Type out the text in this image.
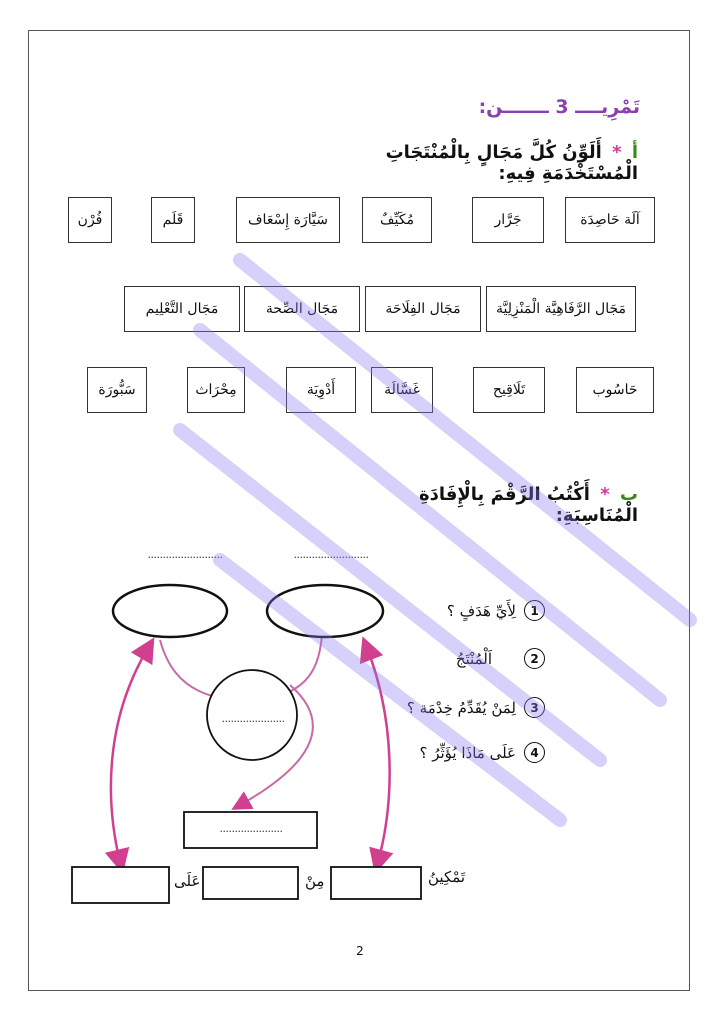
تَمْرِيــــ 3 ـــــــن:
أ * أَلَوِّنُ كُلَّ مَجَالٍ بِالْمُنْتَجَاتِ الْمُسْتَخْدَمَةِ فِيهِ:
آلَة حَاصِدَة
جَرَّار
مُكَيِّفٌ
سَيَّارَة إِسْعَاف
قَلَم
فُرْن
مَجَال الرَّفَاهِيَّة الْمَنْزِلِيَّة
مَجَال الفِلَاحَة
مَجَال الصِّحة
مَجَال التَّعْلِيم
حَاسُوب
تَلَاقِيح
غَسَّالَة
أَدْوِيَة
مِحْرَاث
سَبُّورَة
ب * أَكْتُبُ الرَّقْمَ بِالْإِفَادَةِ الْمُنَاسِبَةِ:
.........................	.........................
.....................
.....................
تَمْكِينُ
مِنْ
عَلَى
1
لِأَيِّ هَدَفٍ ؟
2
اَلْمُنْتَجُ
3
لِمَنْ يُقَدِّمُ خِدْمَة ؟
4
عَلَى مَاذَا يُؤَثِّرُ ؟
2
